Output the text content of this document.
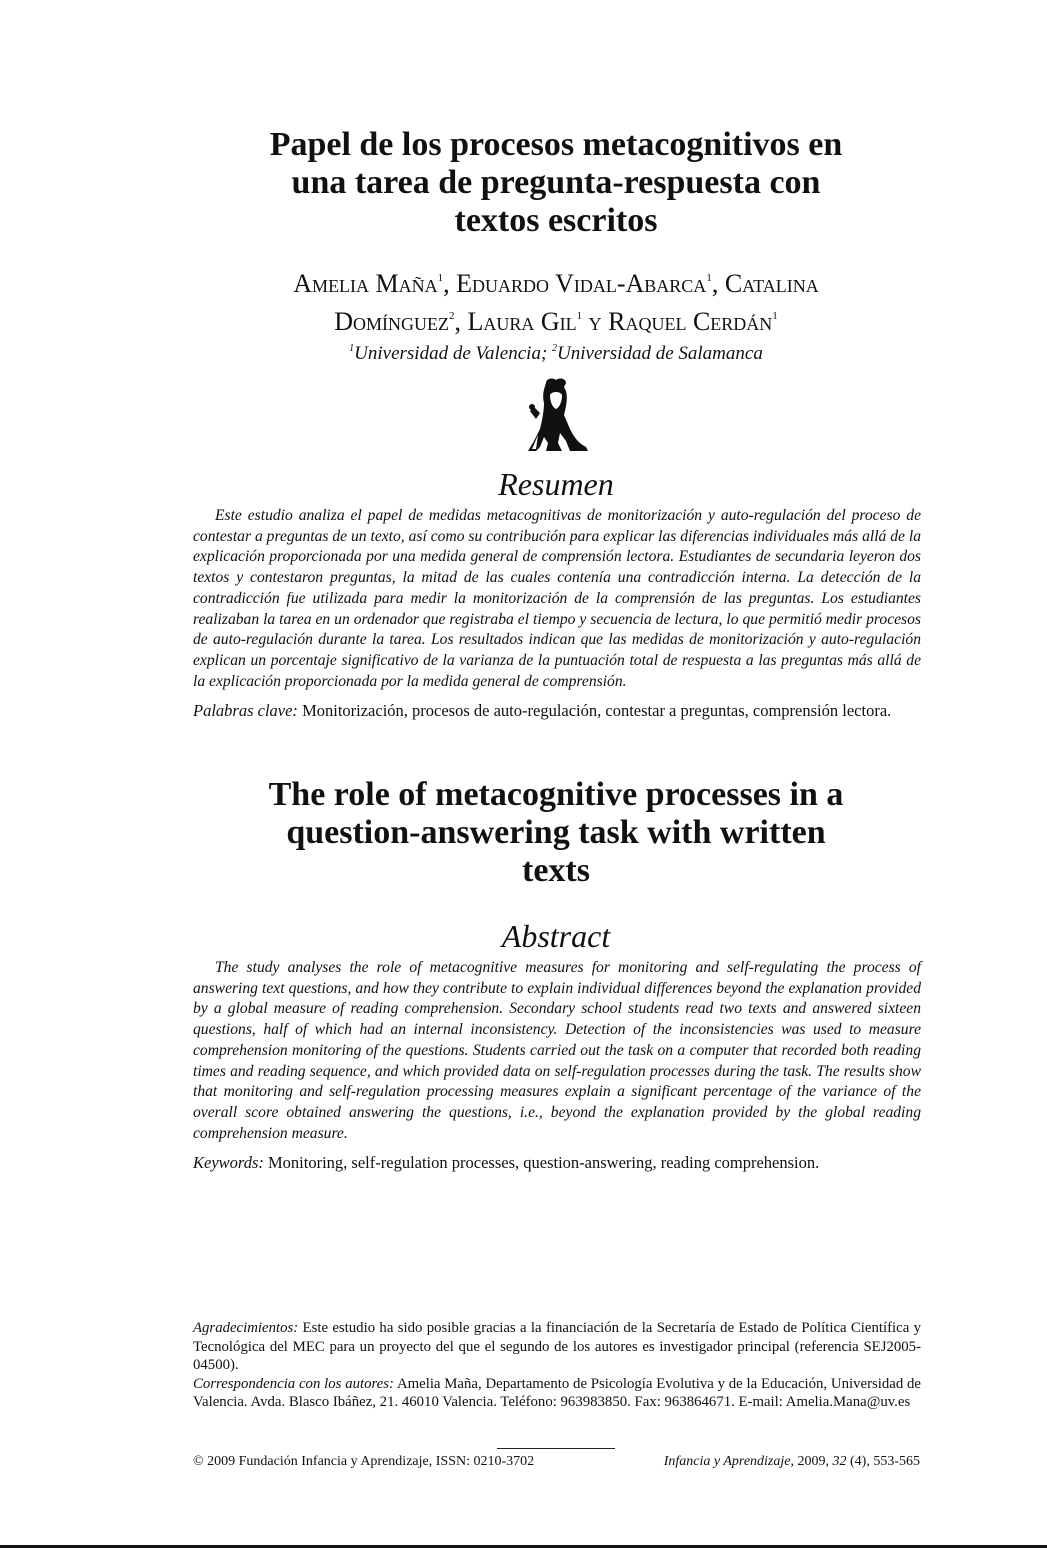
Papel de los procesos metacognitivos en
una tarea de pregunta-respuesta con
textos escritos
Amelia Maña$^1$, Eduardo Vidal-Abarca$^1$, Catalina
Domínguez$^2$, Laura Gil$^1$ y Raquel Cerdán$^1$
$^1$Universidad de Valencia; $^2$Universidad de Salamanca
Resumen

Este estudio analiza el papel de medidas metacognitivas de monitorización y auto-regulación del proceso de contestar a preguntas de un texto, así como su contribución para explicar las diferencias individuales más allá de la explicación proporcionada por una medida general de comprensión lectora. Estudiantes de secundaria leyeron dos textos y contestaron preguntas, la mitad de las cuales contenía una contradicción interna. La detección de la contradicción fue utilizada para medir la monitorización de la comprensión de las preguntas. Los estudiantes realizaban la tarea en un ordenador que registraba el tiempo y secuencia de lectura, lo que permitió medir procesos de auto-regulación durante la tarea. Los resultados indican que las medidas de monitorización y auto-regulación explican un porcentaje significativo de la varianza de la puntuación total de respuesta a las preguntas más allá de la explicación proporcionada por la medida general de comprensión.

Palabras clave: Monitorización, procesos de auto-regulación, contestar a preguntas, comprensión lectora.

The role of metacognitive processes in a
question-answering task with written
texts
Abstract

The study analyses the role of metacognitive measures for monitoring and self-regulating the process of answering text questions, and how they contribute to explain individual differences beyond the explanation provided by a global measure of reading comprehension. Secondary school students read two texts and answered sixteen questions, half of which had an internal inconsistency. Detection of the inconsistencies was used to measure comprehension monitoring of the questions. Students carried out the task on a computer that recorded both reading times and reading sequence, and which provided data on self-regulation processes during the task. The results show that monitoring and self-regulation processing measures explain a significant percentage of the variance of the overall score obtained answering the questions, i.e., beyond the explanation provided by the global reading comprehension measure.

Keywords: Monitoring, self-regulation processes, question-answering, reading comprehension.

Agradecimientos: Este estudio ha sido posible gracias a la financiación de la Secretaría de Estado de Política Científica y Tecnológica del MEC para un proyecto del que el segundo de los autores es investigador principal (referencia SEJ2005-04500).

Correspondencia con los autores: Amelia Maña, Departamento de Psicología Evolutiva y de la Educación, Universidad de Valencia. Avda. Blasco Ibáñez, 21. 46010 Valencia. Teléfono: 963983850. Fax: 963864671. E-mail: Amelia.Mana@uv.es

© 2009 Fundación Infancia y Aprendizaje, ISSN: 0210-3702	Infancia y Aprendizaje, 2009, 32 (4), 553-565
